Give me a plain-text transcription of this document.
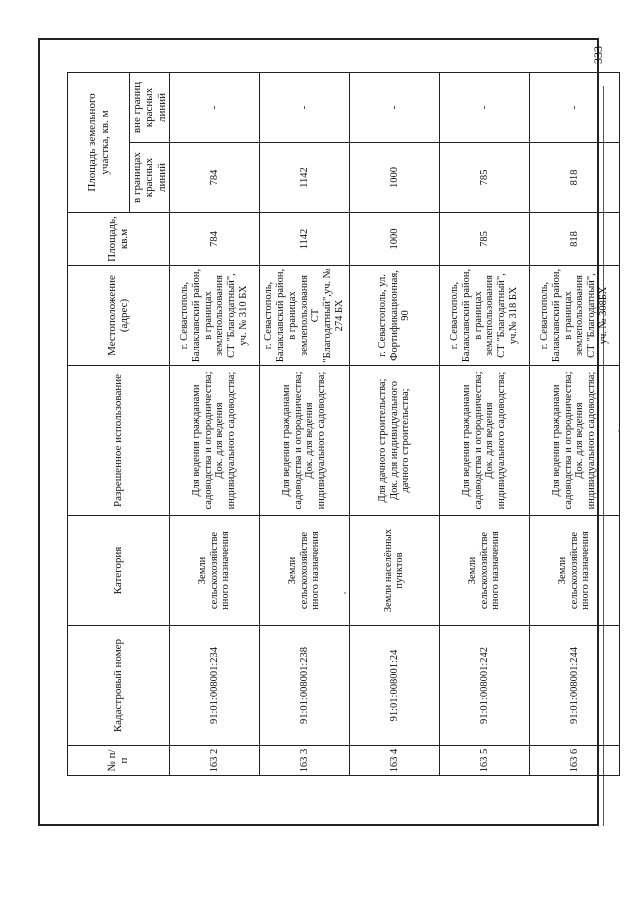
333
№ п/п	Кадастровый номер	Категория	Разрешенное использование	Местоположение (адрес)	Площадь, кв.м	Площадь земельного участка, кв. м	
						в границах красных линий	вне границ красных линий
163 2	91:01:008001:234	Земли сельскохозяйстве нного назначения	Для ведения гражданами садоводства и огородничества; Док. для ведения индивидуального садоводства;	г. Севастополь, Балаклавский район, в границах землепользования СТ "Благодатный", уч. № 310 БХ	784	784	-
163 3	91:01:008001:238	Земли сельскохозяйстве нного назначения	Для ведения гражданами садоводства и огородничества; Док. для ведения индивидуального садоводства;	г. Севастополь, Балаклавский район, в границах землепользования СТ "Благодатный",уч. № 274 БХ	1142	1142	-
163 4	91:01:008001:24	Земли населённых пунктов	Для дачного строительства; Док. для индивидуального дачного строительства;	г. Севастополь, ул. Фортификационная, 90	1000	1000	-
163 5	91:01:008001:242	Земли сельскохозяйстве нного назначения	Для ведения гражданами садоводства и огородничества; Док. для ведения индивидуального садоводства;	г. Севастополь, Балаклавский район, в границах землепользования СТ "Благодатный", уч.№ 318 БХ	785	785	-
163 6	91:01:008001:244	Земли сельскохозяйстве нного назначения	Для ведения гражданами садоводства и огородничества; Док. для ведения индивидуального садоводства;	г. Севастополь, Балаклавский район, в границах землепользования СТ "Благодатный", уч. № 308БХ	818	818	-
